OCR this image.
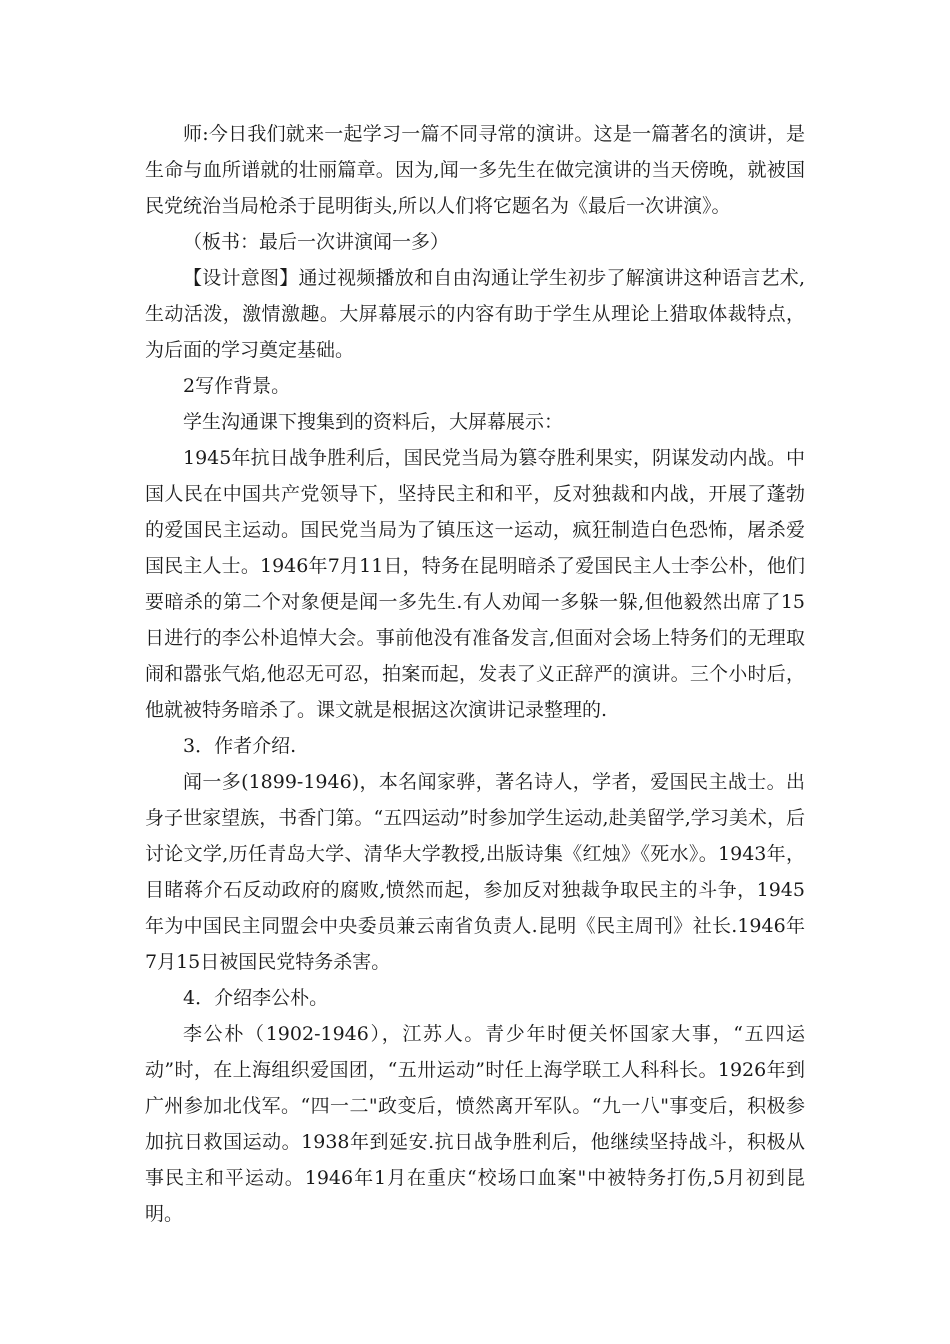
师:今日我们就来一起学习一篇不同寻常的演讲。这是一篇著名的演讲，是生命与血所谱就的壮丽篇章。因为,闻一多先生在做完演讲的当天傍晚，就被国民党统治当局枪杀于昆明街头,所以人们将它题名为《最后一次讲演》。

（板书：最后一次讲演闻一多）

【设计意图】通过视频播放和自由沟通让学生初步了解演讲这种语言艺术,生动活泼，激情激趣。大屏幕展示的内容有助于学生从理论上猎取体裁特点，为后面的学习奠定基础。

2写作背景。

学生沟通课下搜集到的资料后，大屏幕展示：

1945年抗日战争胜利后，国民党当局为篡夺胜利果实，阴谋发动内战。中国人民在中国共产党领导下，坚持民主和和平，反对独裁和内战，开展了蓬勃的爱国民主运动。国民党当局为了镇压这一运动，疯狂制造白色恐怖，屠杀爱国民主人士。1946年7月11日，特务在昆明暗杀了爱国民主人士李公朴，他们要暗杀的第二个对象便是闻一多先生.有人劝闻一多躲一躲,但他毅然出席了15日进行的李公朴追悼大会。事前他没有准备发言,但面对会场上特务们的无理取闹和嚣张气焰,他忍无可忍，拍案而起，发表了义正辞严的演讲。三个小时后，他就被特务暗杀了。课文就是根据这次演讲记录整理的.

3．作者介绍.

闻一多(1899-1946)，本名闻家骅，著名诗人，学者，爱国民主战士。出身子世家望族，书香门第。“五四运动”时参加学生运动,赴美留学,学习美术，后讨论文学,历任青岛大学、清华大学教授,出版诗集《红烛》《死水》。1943年，目睹蒋介石反动政府的腐败,愤然而起，参加反对独裁争取民主的斗争，1945年为中国民主同盟会中央委员兼云南省负责人.昆明《民主周刊》社长.1946年7月15日被国民党特务杀害。

4．介绍李公朴。

李公朴（1902-1946），江苏人。青少年时便关怀国家大事，“五四运动”时，在上海组织爱国团，“五卅运动”时任上海学联工人科科长。1926年到广州参加北伐军。“四一二"政变后，愤然离开军队。“九一八"事变后，积极参加抗日救国运动。1938年到延安.抗日战争胜利后，他继续坚持战斗，积极从事民主和平运动。1946年1月在重庆“校场口血案"中被特务打伤,5月初到昆明。
